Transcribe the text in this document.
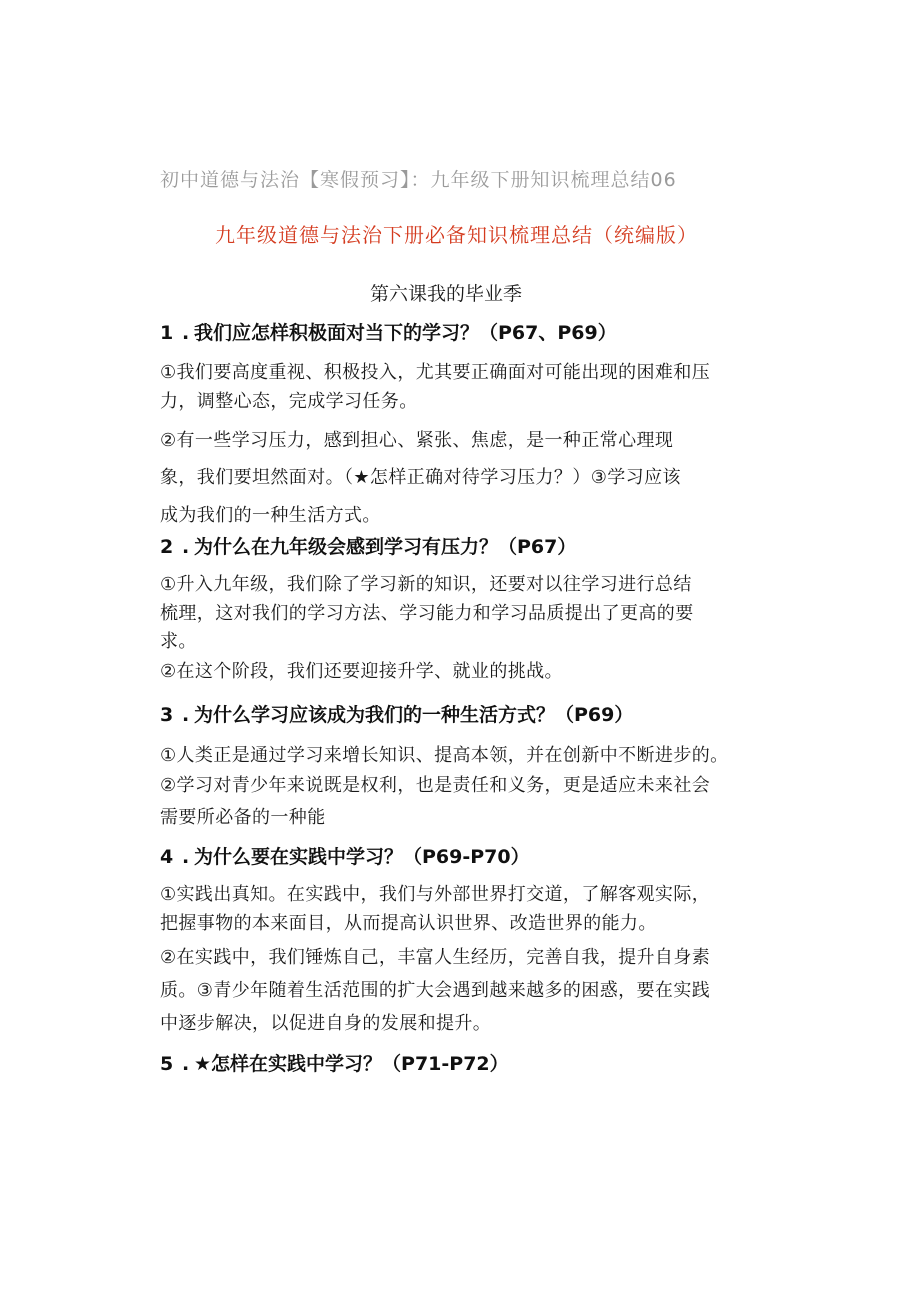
初中道德与法治【寒假预习】：九年级下册知识梳理总结06
九年级道德与法治下册必备知识梳理总结（统编版）
第六课我的毕业季
1 . 我们应怎样积极面对当下的学习？（P67、P69）
①我们要高度重视、积极投入，尤其要正确面对可能出现的困难和压
力，调整心态，完成学习任务。
②有一些学习压力，感到担心、紧张、焦虑，是一种正常心理现
象，我们要坦然面对。（★怎样正确对待学习压力？）③学习应该
成为我们的一种生活方式。
2 . 为什么在九年级会感到学习有压力？（P67）
①升入九年级，我们除了学习新的知识，还要对以往学习进行总结
梳理，这对我们的学习方法、学习能力和学习品质提出了更高的要
求。
②在这个阶段，我们还要迎接升学、就业的挑战。
3 . 为什么学习应该成为我们的一种生活方式？（P69）
①人类正是通过学习来增长知识、提高本领，并在创新中不断进步的。
②学习对青少年来说既是权利，也是责任和义务，更是适应未来社会
需要所必备的一种能
4 . 为什么要在实践中学习？（P69-P70）
①实践出真知。在实践中，我们与外部世界打交道，了解客观实际，
把握事物的本来面目，从而提高认识世界、改造世界的能力。
②在实践中，我们锤炼自己，丰富人生经历，完善自我，提升自身素
质。③青少年随着生活范围的扩大会遇到越来越多的困惑，要在实践
中逐步解决，以促进自身的发展和提升。
5 . ★怎样在实践中学习？（P71-P72）
